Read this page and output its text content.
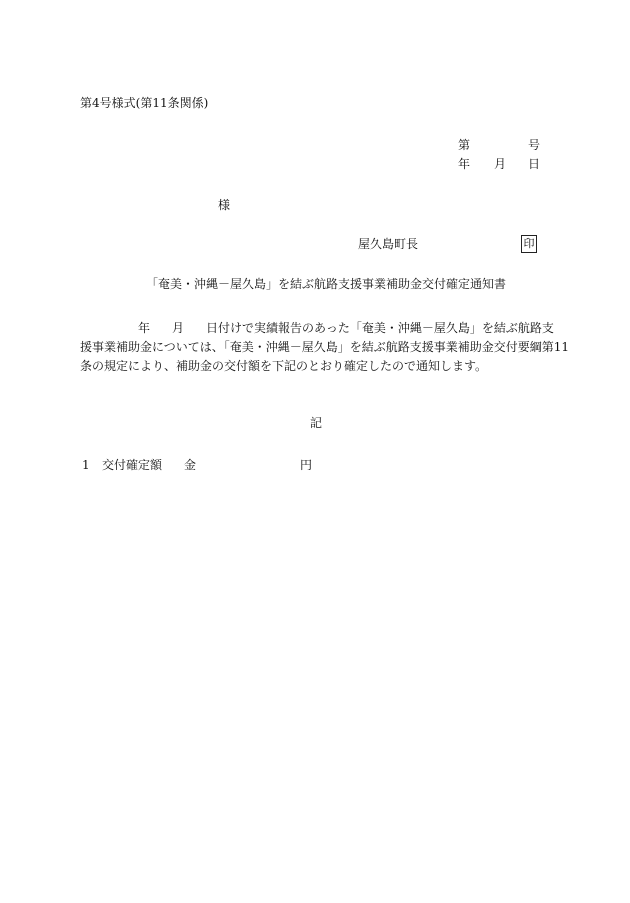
第4号様式(第11条関係)
第	号
年 月 日
様
屋久島町長	印
「奄美・沖縄－屋久島」を結ぶ航路支援事業補助金交付確定通知書
年 月 日付けで実績報告のあった「奄美・沖縄－屋久島」を結ぶ航路支
援事業補助金については、「奄美・沖縄－屋久島」を結ぶ航路支援事業補助金交付要綱第11
条の規定により、補助金の交付額を下記のとおり確定したので通知します。
記
1 交付確定額 金	円
